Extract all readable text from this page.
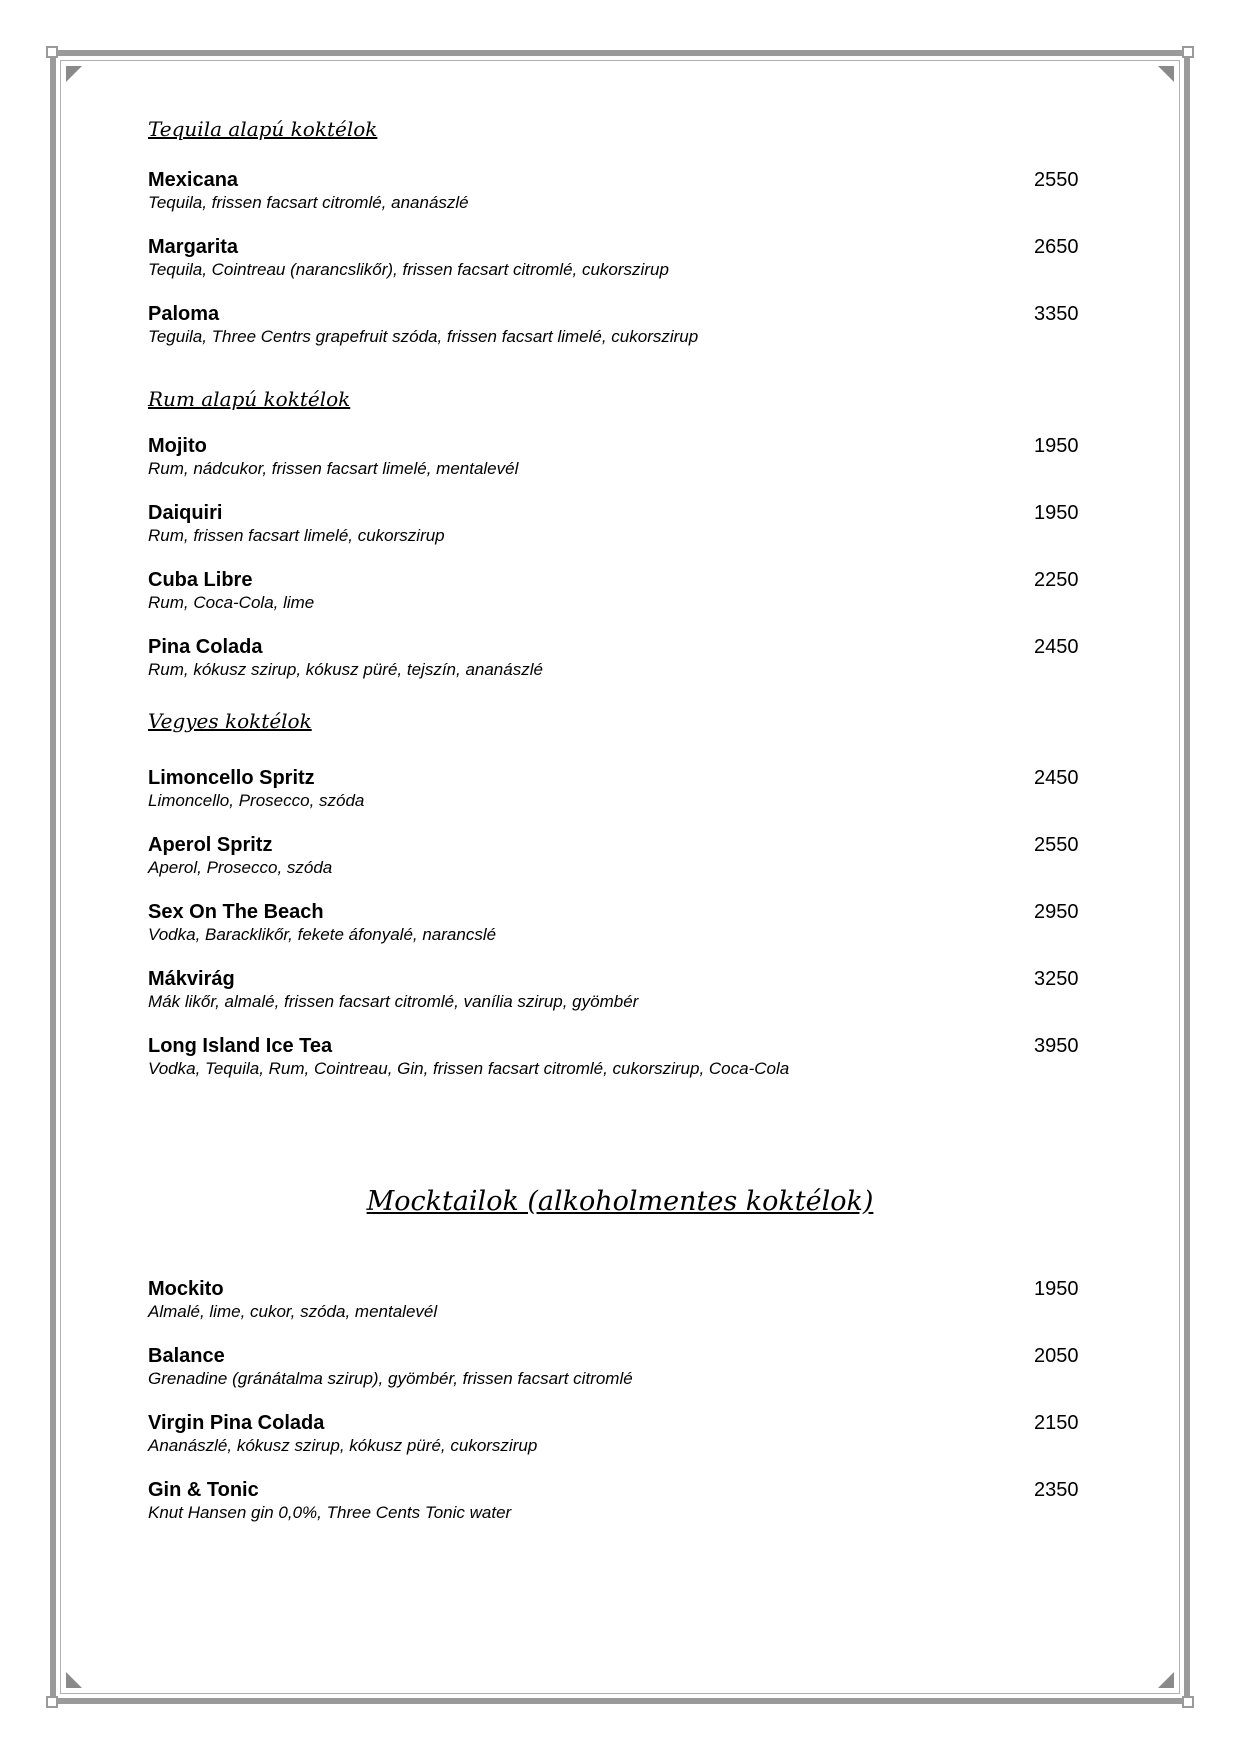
Tequila alapú koktélok
Mexicana	2550
Tequila, frissen facsart citromlé, ananászlé
Margarita	2650
Tequila, Cointreau (narancslikőr), frissen facsart citromlé, cukorszirup
Paloma	3350
Teguila, Three Centrs grapefruit szóda, frissen facsart limelé, cukorszirup
Rum alapú koktélok
Mojito	1950
Rum, nádcukor, frissen facsart limelé, mentalevél
Daiquiri	1950
Rum, frissen facsart limelé, cukorszirup
Cuba Libre	2250
Rum, Coca-Cola, lime
Pina Colada	2450
Rum, kókusz szirup, kókusz püré, tejszín, ananászlé
Vegyes koktélok
Limoncello Spritz	2450
Limoncello, Prosecco, szóda
Aperol Spritz	2550
Aperol, Prosecco, szóda
Sex On The Beach	2950
Vodka, Baracklikőr, fekete áfonyalé, narancslé
Mákvirág	3250
Mák likőr, almalé, frissen facsart citromlé, vanília szirup, gyömbér
Long Island Ice Tea	3950
Vodka, Tequila, Rum, Cointreau, Gin, frissen facsart citromlé, cukorszirup, Coca-Cola
Mocktailok (alkoholmentes koktélok)
Mockito	1950
Almalé, lime, cukor, szóda, mentalevél
Balance	2050
Grenadine (gránátalma szirup), gyömbér, frissen facsart citromlé
Virgin Pina Colada	2150
Ananászlé, kókusz szirup, kókusz püré, cukorszirup
Gin & Tonic	2350
Knut Hansen gin 0,0%, Three Cents Tonic water
